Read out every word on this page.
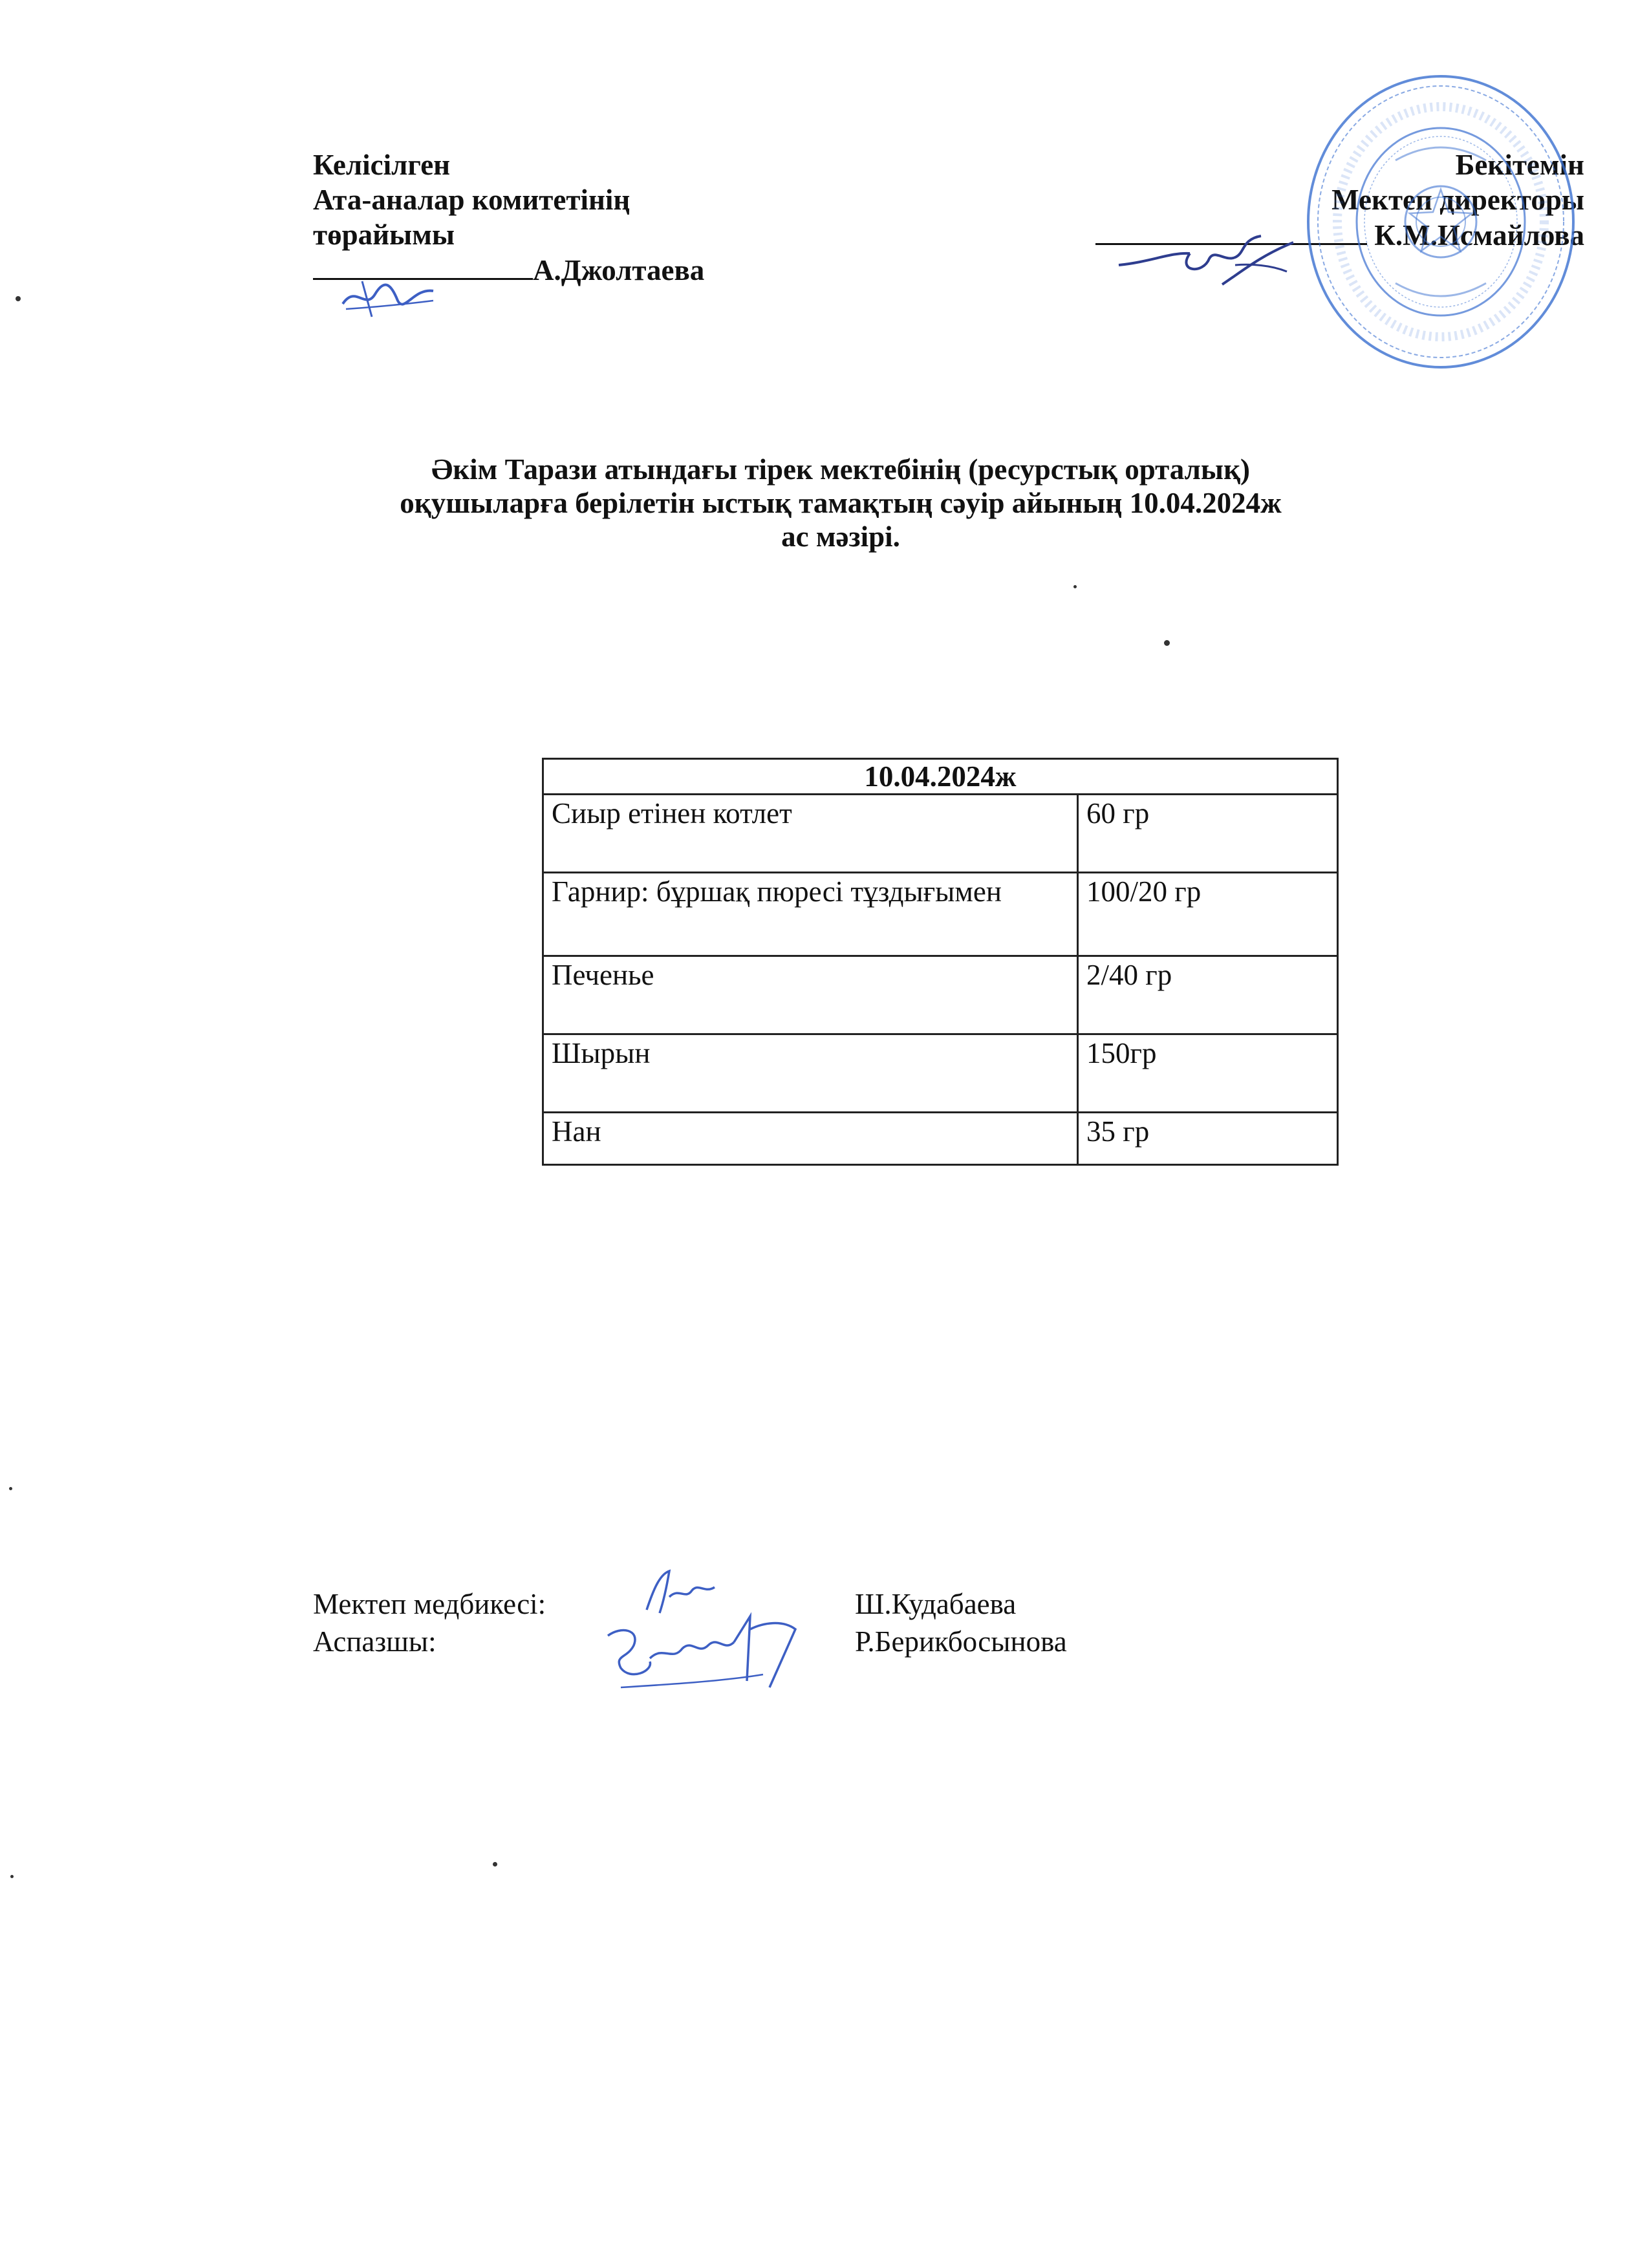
Келісілген
Ата-аналар комитетінің
төрайымы
А.Джолтаева
Бекітемін
Мектеп директоры
К.М.Исмайлова
Әкім Тарази атындағы тірек мектебінің (ресурстық орталық)
оқушыларға берілетін ыстық тамақтың сәуір айының 10.04.2024ж
ас мәзірі.
10.04.2024ж	
Сиыр етінен котлет	60 гр
Гарнир: бұршақ пюресі тұздығымен	100/20 гр
Печенье	2/40 гр
Шырын	150гр
Нан	35 гр
Мектеп медбикесі:	Ш.Кудабаева
Аспазшы:	Р.Берикбосынова
